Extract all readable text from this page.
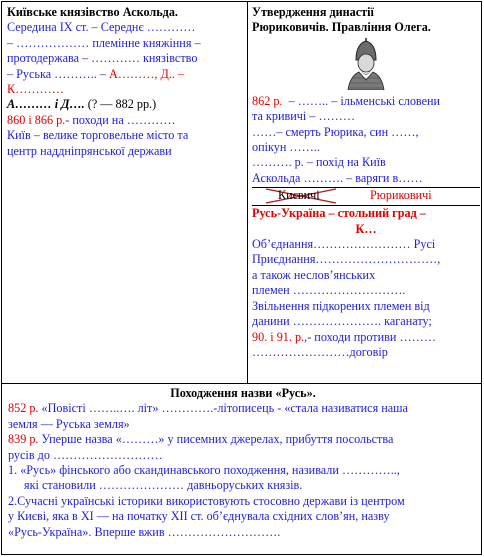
Київське князівство Аскольда.
Середина IX ст. – Середнє …………
– ……………… племінне княжіння –
протодержава – ………… князівство
– Руська ……….. – А………, Д.. –
К…………
А……… і Д…. (? — 882 рр.)
860 і 866 р.- походи на …………
Київ – велике торговельне місто та
центр наддніпрянської держави
Утвердження династії
Рюриковичів. Правління Олега.
862 р. – …….. – ільменські словени
та кривичі – ………
……– смерть Рюрика, син ……,
опікун ……..
………. р. – похід на Київ
Аскольда ………. – варяги в……
Києвичі	Рюриковичі
Русь-Україна – стольний град –
К…
Об’єднання…………………… Русі
Приєднання…………………………,
а також несловʼянських
племен ……………………….
Звільнення підкорених племен від
данини …………………. каганату;
90. і 91. р.,- походи противи ………
……………………договір
Походження назви «Русь».
852 р. «Повісті ……..…. літ» ………….-літописець - «стала називатися наша
земля — Руська земля»
839 р. Уперше назва «………» у писемних джерелах, прибуття посольства
русів до ………………………
1. «Русь» фінського або скандинавського походження, називали …………..,
які становили ………………… давньоруських князів.
2.Сучасні українські історики використовують стосовно держави із центром
у Києві, яка в XI — на початку XII ст. об’єднувала східних слов’ян, назву
«Русь-Україна». Вперше вжив ……………………….
